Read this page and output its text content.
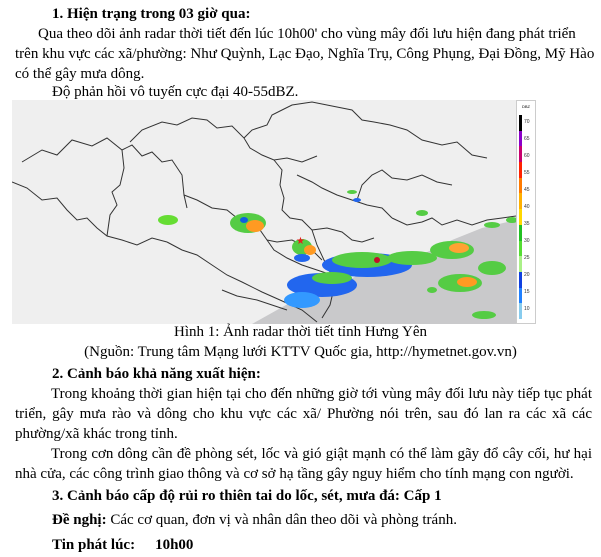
1. Hiện trạng trong 03 giờ qua:
Qua theo dõi ảnh radar thời tiết đến lúc 10h00' cho vùng mây đối lưu hiện đang phát triển
trên khu vực các xã/phường: Như Quỳnh, Lạc Đạo, Nghĩa Trụ, Công Phụng, Đại Đồng, Mỹ Hào
có thể gây mưa dông.
Độ phản hồi vô tuyến cực đại 40-55dBZ.
★
DBZ
70
65
60
55
45
40
35
30
25
20
15
10
Hình 1: Ảnh radar thời tiết tỉnh Hưng Yên
(Nguồn: Trung tâm Mạng lưới KTTV Quốc gia, http://hymetnet.gov.vn)
2. Cảnh báo khả năng xuất hiện:

Trong khoảng thời gian hiện tại cho đến những giờ tới vùng mây đối lưu này tiếp tục phát triển, gây mưa rào và dông cho khu vực các xã/ Phường nói trên, sau đó lan ra các xã các phường/xã khác trong tỉnh.

Trong cơn dông cần đề phòng sét, lốc và gió giật mạnh có thể làm gãy đổ cây cối, hư hại nhà cửa, các công trình giao thông và cơ sở hạ tầng gây nguy hiểm cho tính mạng con người.

3. Cảnh báo cấp độ rủi ro thiên tai do lốc, sét, mưa đá: Cấp 1
Đề nghị: Các cơ quan, đơn vị và nhân dân theo dõi và phòng tránh.
Tin phát lúc: 10h00
